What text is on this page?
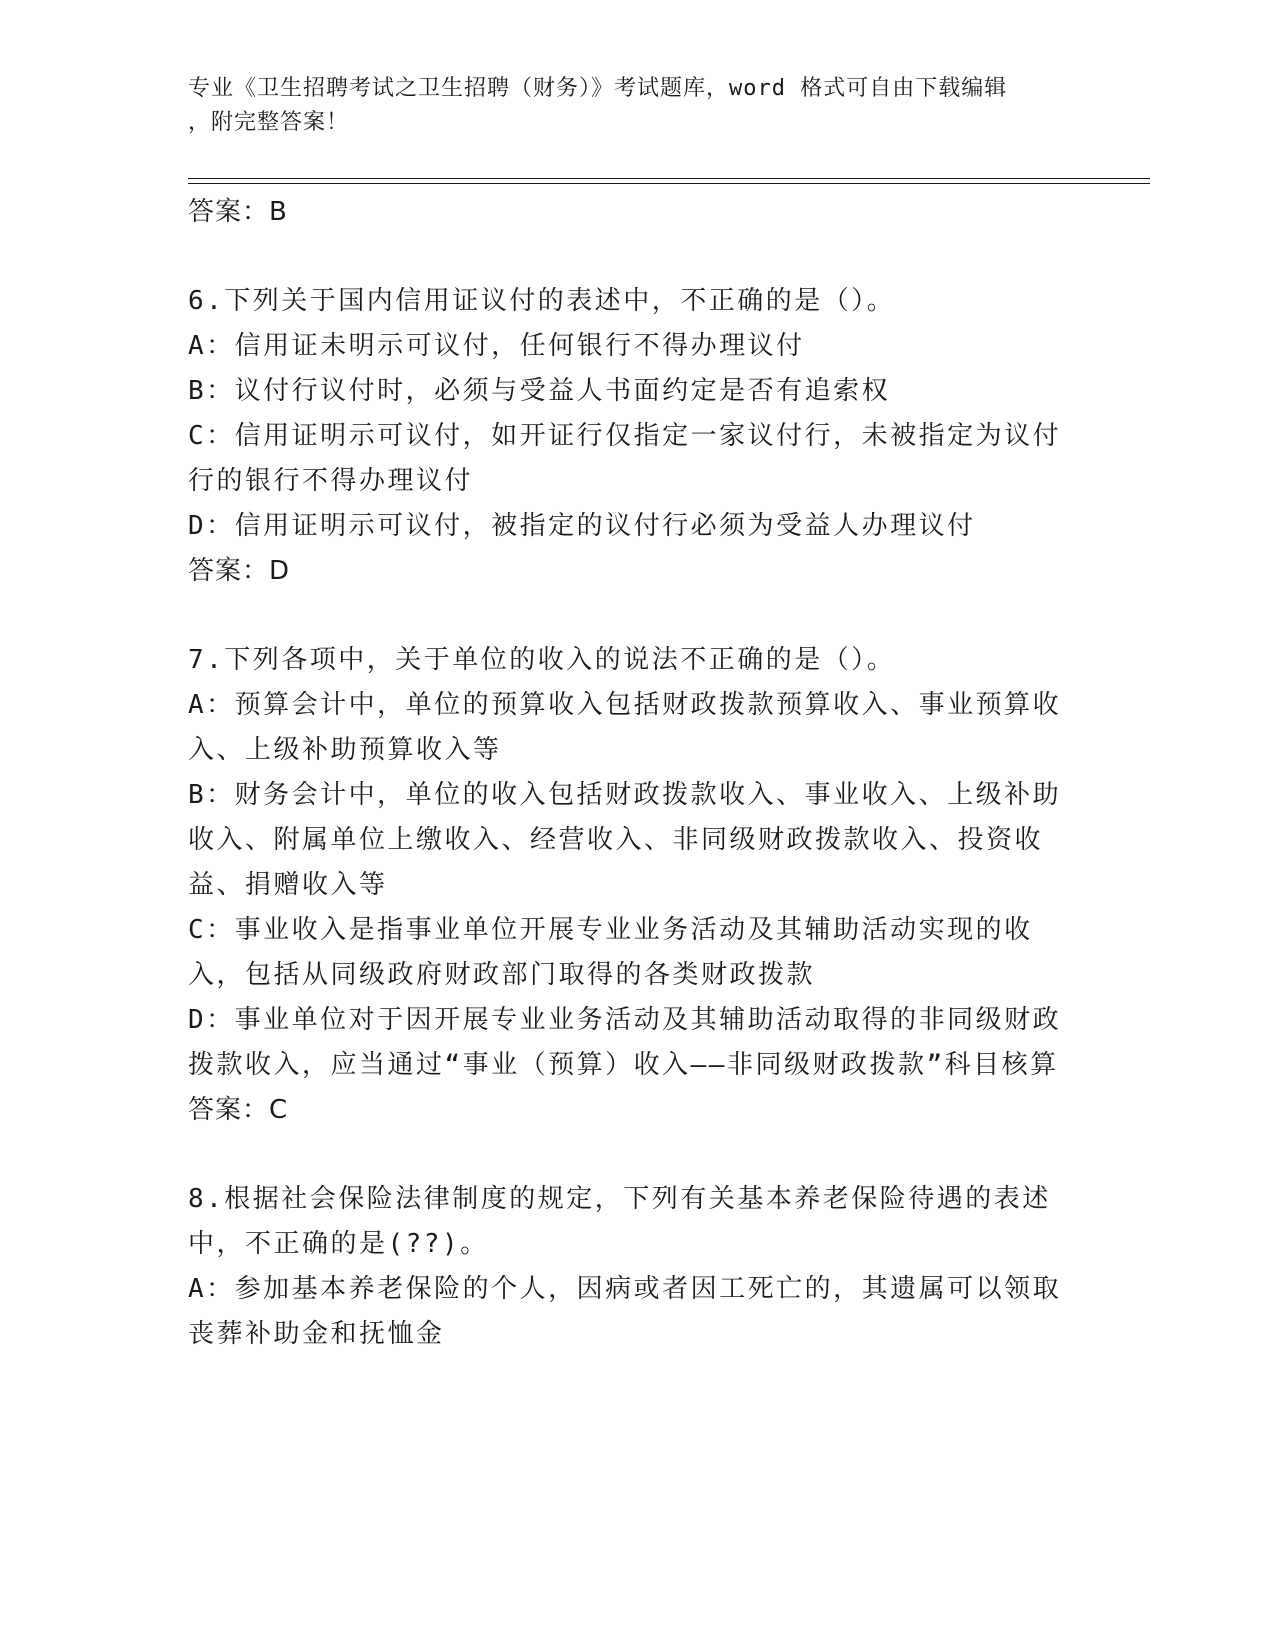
专业《卫生招聘考试之卫生招聘（财务）》考试题库，word 格式可自由下载编辑
，附完整答案！
答案：B
6.下列关于国内信用证议付的表述中，不正确的是（）。
A：信用证未明示可议付，任何银行不得办理议付
B：议付行议付时，必须与受益人书面约定是否有追索权
C：信用证明示可议付，如开证行仅指定一家议付行，未被指定为议付行的银行不得办理议付
D：信用证明示可议付，被指定的议付行必须为受益人办理议付
答案：D
7.下列各项中，关于单位的收入的说法不正确的是（）。
A：预算会计中，单位的预算收入包括财政拨款预算收入、事业预算收入、上级补助预算收入等
B：财务会计中，单位的收入包括财政拨款收入、事业收入、上级补助收入、附属单位上缴收入、经营收入、非同级财政拨款收入、投资收益、捐赠收入等
C：事业收入是指事业单位开展专业业务活动及其辅助活动实现的收入，包括从同级政府财政部门取得的各类财政拨款
D：事业单位对于因开展专业业务活动及其辅助活动取得的非同级财政拨款收入，应当通过“事业（预算）收入——非同级财政拨款”科目核算
答案：C
8.根据社会保险法律制度的规定，下列有关基本养老保险待遇的表述中，不正确的是(??)。
A：参加基本养老保险的个人，因病或者因工死亡的，其遗属可以领取丧葬补助金和抚恤金
